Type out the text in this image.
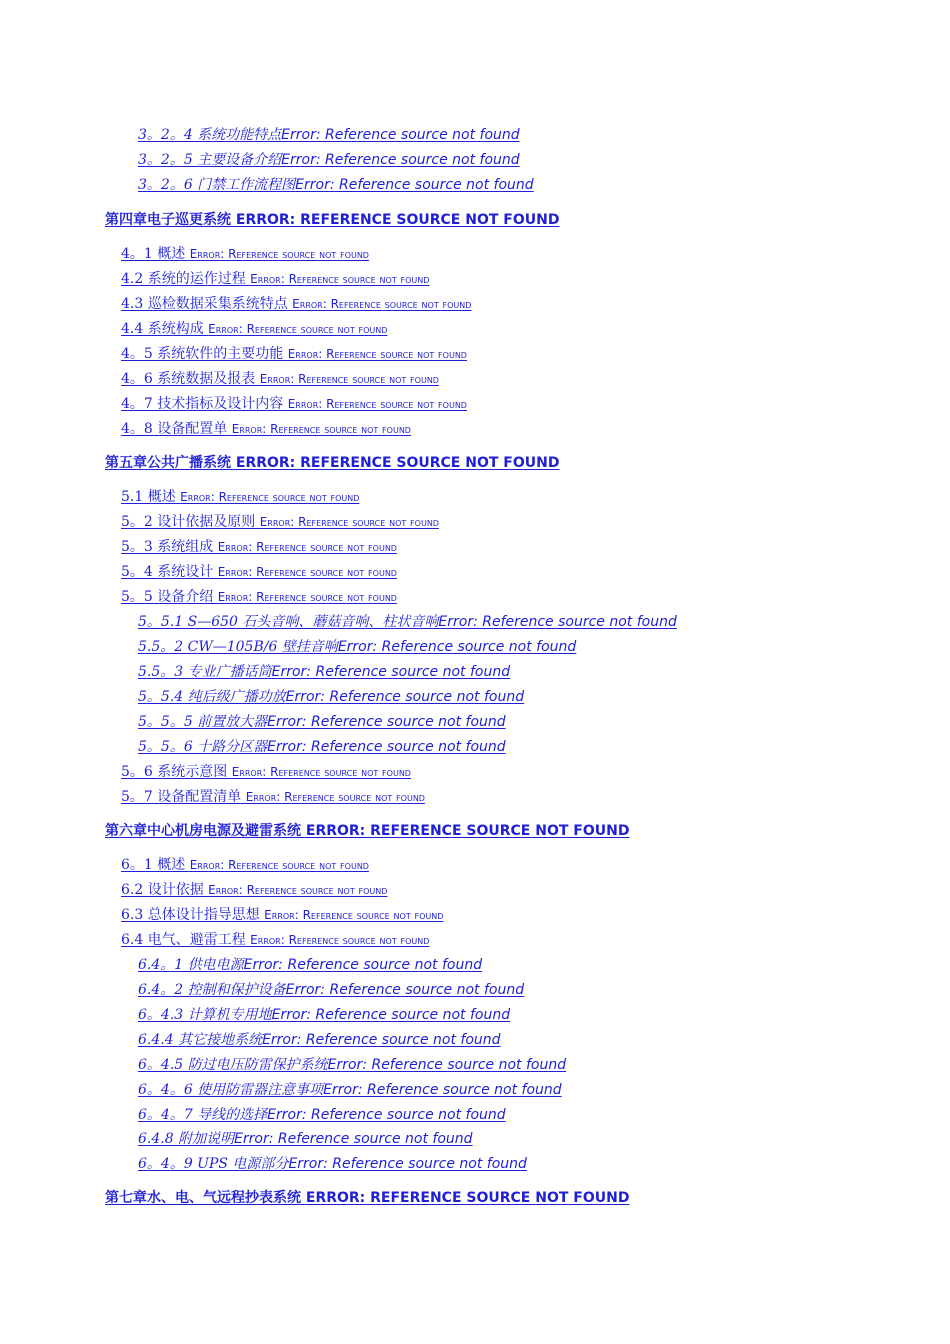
3。2。4 系统功能特点Error: Reference source not found
3。2。5 主要设备介绍Error: Reference source not found
3。2。6 门禁工作流程图Error: Reference source not found
第四章电子巡更系统 ERROR: REFERENCE SOURCE NOT FOUND
4。1 概述 Error: Reference source not found
4.2 系统的运作过程 Error: Reference source not found
4.3 巡检数据采集系统特点 Error: Reference source not found
4.4 系统构成 Error: Reference source not found
4。5 系统软件的主要功能 Error: Reference source not found
4。6 系统数据及报表 Error: Reference source not found
4。7 技术指标及设计内容 Error: Reference source not found
4。8 设备配置单 Error: Reference source not found
第五章公共广播系统 ERROR: REFERENCE SOURCE NOT FOUND
5.1 概述 Error: Reference source not found
5。2 设计依据及原则 Error: Reference source not found
5。3 系统组成 Error: Reference source not found
5。4 系统设计 Error: Reference source not found
5。5 设备介绍 Error: Reference source not found
5。5.1 S—650 石头音响、蘑菇音响、柱状音响Error: Reference source not found
5.5。2 CW—105B/6 壁挂音响Error: Reference source not found
5.5。3 专业广播话筒Error: Reference source not found
5。5.4 纯后级广播功放Error: Reference source not found
5。5。5 前置放大器Error: Reference source not found
5。5。6 十路分区器Error: Reference source not found
5。6 系统示意图 Error: Reference source not found
5。7 设备配置清单 Error: Reference source not found
第六章中心机房电源及避雷系统 ERROR: REFERENCE SOURCE NOT FOUND
6。1 概述 Error: Reference source not found
6.2 设计依据 Error: Reference source not found
6.3 总体设计指导思想 Error: Reference source not found
6.4 电气、避雷工程 Error: Reference source not found
6.4。1 供电电源Error: Reference source not found
6.4。2 控制和保护设备Error: Reference source not found
6。4.3 计算机专用地Error: Reference source not found
6.4.4 其它接地系统Error: Reference source not found
6。4.5 防过电压防雷保护系统Error: Reference source not found
6。4。6 使用防雷器注意事项Error: Reference source not found
6。4。7 导线的选择Error: Reference source not found
6.4.8 附加说明Error: Reference source not found
6。4。9 UPS 电源部分Error: Reference source not found
第七章水、电、气远程抄表系统 ERROR: REFERENCE SOURCE NOT FOUND
